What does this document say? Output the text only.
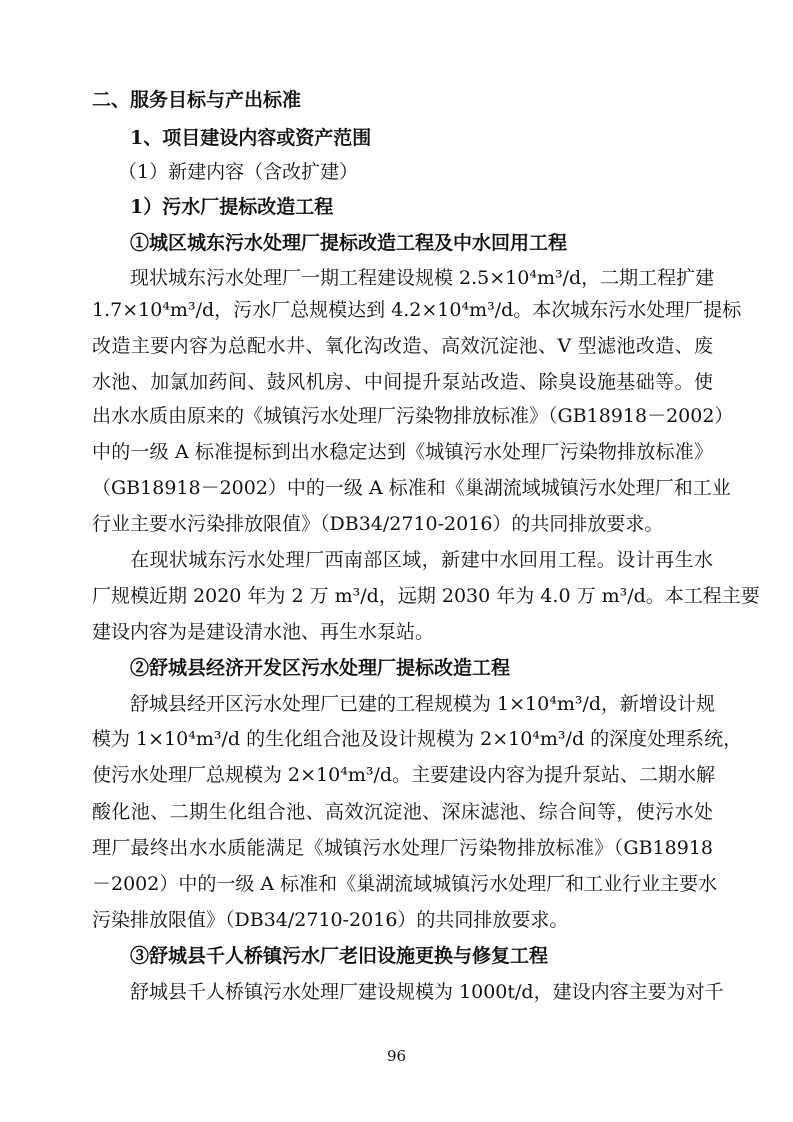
二、服务目标与产出标准
1、项目建设内容或资产范围
（1）新建内容（含改扩建）
1）污水厂提标改造工程
①城区城东污水处理厂提标改造工程及中水回用工程
现状城东污水处理厂一期工程建设规模 2.5×10⁴m³/d，二期工程扩建
1.7×10⁴m³/d，污水厂总规模达到 4.2×10⁴m³/d。本次城东污水处理厂提标
改造主要内容为总配水井、氧化沟改造、高效沉淀池、V 型滤池改造、废
水池、加氯加药间、鼓风机房、中间提升泵站改造、除臭设施基础等。使
出水水质由原来的《城镇污水处理厂污染物排放标准》（GB18918－2002）
中的一级 A 标准提标到出水稳定达到《城镇污水处理厂污染物排放标准》
（GB18918－2002）中的一级 A 标准和《巢湖流域城镇污水处理厂和工业
行业主要水污染排放限值》（DB34/2710-2016）的共同排放要求。
在现状城东污水处理厂西南部区域，新建中水回用工程。设计再生水
厂规模近期 2020 年为 2 万 m³/d，远期 2030 年为 4.0 万 m³/d。本工程主要
建设内容为是建设清水池、再生水泵站。
②舒城县经济开发区污水处理厂提标改造工程
舒城县经开区污水处理厂已建的工程规模为 1×10⁴m³/d，新增设计规
模为 1×10⁴m³/d 的生化组合池及设计规模为 2×10⁴m³/d 的深度处理系统，
使污水处理厂总规模为 2×10⁴m³/d。主要建设内容为提升泵站、二期水解
酸化池、二期生化组合池、高效沉淀池、深床滤池、综合间等，使污水处
理厂最终出水水质能满足《城镇污水处理厂污染物排放标准》（GB18918
－2002）中的一级 A 标准和《巢湖流域城镇污水处理厂和工业行业主要水
污染排放限值》（DB34/2710-2016）的共同排放要求。
③舒城县千人桥镇污水厂老旧设施更换与修复工程
舒城县千人桥镇污水处理厂建设规模为 1000t/d，建设内容主要为对千
96
